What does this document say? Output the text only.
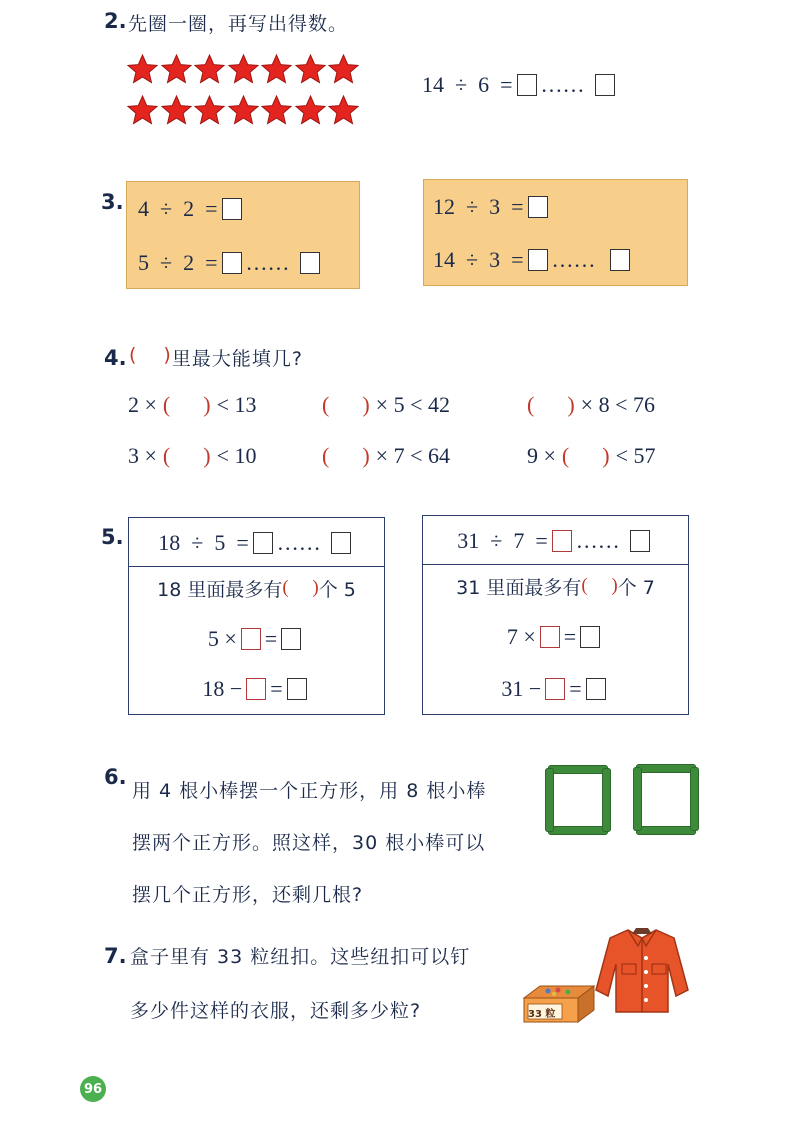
2. 先圈一圈，再写出得数。
14
÷
6
= ……
3. 4
÷
2
=
5
÷
2
= ……
12
÷
3
=
14
÷
3
= ……
4. ( ) 里最大能填几?
2 × (      ) < 13	(      ) × 5 < 42	(      ) × 8 < 76
3 × (      ) < 10	(      ) × 7 < 64	9 × (      ) < 57
5. 18
÷
5
= ……
18 里面最多有 (     ) 个 5
5
× =
18
− =
31
÷
7
= ……
31 里面最多有 (     ) 个 7
7
× =
31
− =
6.
用 4 根小棒摆一个正方形，用 8 根小棒
摆两个正方形。照这样，30 根小棒可以
摆几个正方形，还剩几根?
7. 盒子里有 33 粒纽扣。这些纽扣可以钉
多少件这样的衣服，还剩多少粒?	33 粒
96
